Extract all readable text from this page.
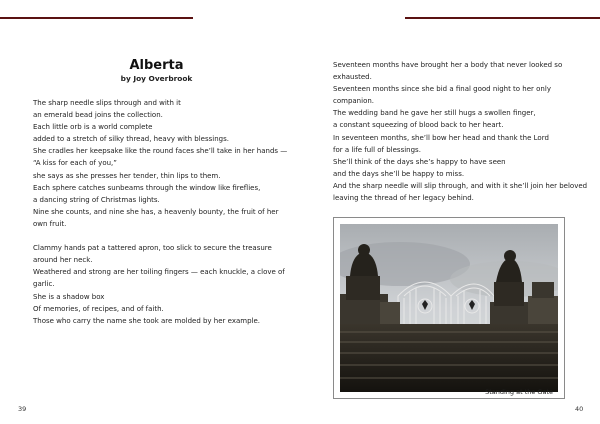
Alberta
by Joy Overbrook
The sharp needle slips through and with it
an emerald bead joins the collection.
Each little orb is a world complete
added to a stretch of silky thread, heavy with blessings.
She cradles her keepsake like the round faces she’ll take in her hands —
“A kiss for each of you,”
she says as she presses her tender, thin lips to them.
Each sphere catches sunbeams through the window like fireflies,
a dancing string of Christmas lights.
Nine she counts, and nine she has, a heavenly bounty, the fruit of her
own fruit.
Clammy hands pat a tattered apron, too slick to secure the treasure
around her neck.
Weathered and strong are her toiling fingers — each knuckle, a clove of
garlic.
She is a shadow box
Of memories, of recipes, and of faith.
Those who carry the name she took are molded by her example.
Seventeen months have brought her a body that never looked so
exhausted.
Seventeen months since she bid a final good night to her only
companion.
The wedding band he gave her still hugs a swollen finger,
a constant squeezing of blood back to her heart.
In seventeen months, she’ll bow her head and thank the Lord
for a life full of blessings.
She’ll think of the days she’s happy to have seen
and the days she’ll be happy to miss.
And the sharp needle will slip through, and with it she’ll join her beloved
leaving the thread of her legacy behind.
Standing at the Gate
39	40
